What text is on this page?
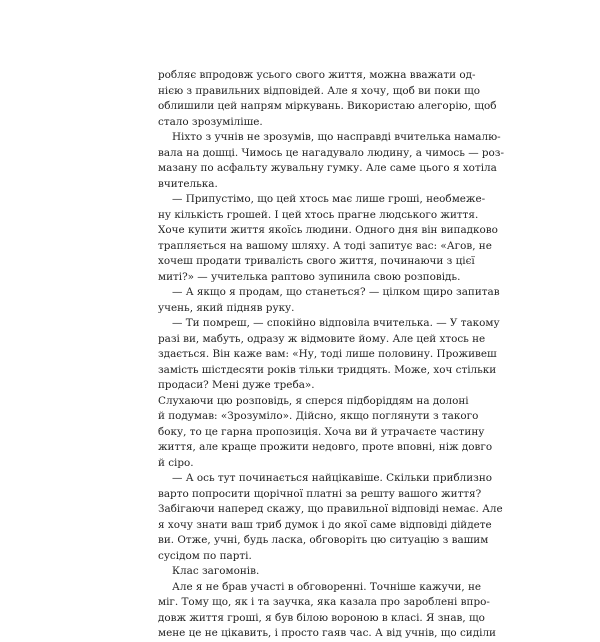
робляє впродовж усього свого життя, можна вважати од-
нією з правильних відповідей. Але я хочу, щоб ви поки що
облишили цей напрям міркувань. Використаю алегорію, щоб
стало зрозуміліше.
Ніхто з учнів не зрозумів, що насправді вчителька намалю-
вала на дошці. Чимось це нагадувало людину, а чимось — роз-
мазану по асфальту жувальну гумку. Але саме цього я хотіла
вчителька.
— Припустімо, що цей хтось має лише гроші, необмеже-
ну кількість грошей. І цей хтось прагне людського життя.
Хоче купити життя якоїсь людини. Одного дня він випадково
трапляється на вашому шляху. А тоді запитує вас: «Агов, не
хочеш продати тривалість свого життя, починаючи з цієї
миті?» — учителька раптово зупинила свою розповідь.
— А якщо я продам, що станеться? — цілком щиро запитав
учень, який підняв руку.
— Ти помреш, — спокійно відповіла вчителька. — У такому
разі ви, мабуть, одразу ж відмовите йому. Але цей хтось не
здається. Він каже вам: «Ну, тоді лише половину. Проживеш
замість шістдесяти років тільки тридцять. Може, хоч стільки
продаси? Мені дуже треба».
Слухаючи цю розповідь, я сперся підборіддям на долоні
й подумав: «Зрозуміло». Дійсно, якщо поглянути з такого
боку, то це гарна пропозиція. Хоча ви й утрачаєте частину
життя, але краще прожити недовго, проте вповні, ніж довго
й сіро.
— А ось тут починається найцікавіше. Скільки приблизно
варто попросити щорічної платні за решту вашого життя?
Забігаючи наперед скажу, що правильної відповіді немає. Але
я хочу знати ваш триб думок і до якої саме відповіді дійдете
ви. Отже, учні, будь ласка, обговоріть цю ситуацію з вашим
сусідом по парті.
Клас загомонів.
Але я не брав участі в обговоренні. Точніше кажучи, не
міг. Тому що, як і та заучка, яка казала про зароблені впро-
довж життя гроші, я був білою вороною в класі. Я знав, що
мене це не цікавить, і просто гаяв час. А від учнів, що сиділи
